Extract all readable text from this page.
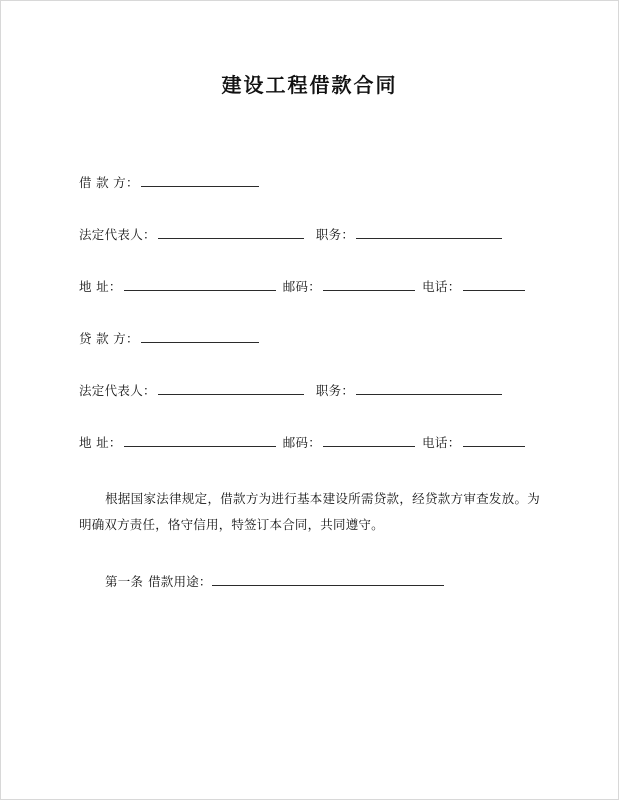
建设工程借款合同
借 款 方：
法定代表人：	职务：
地 址：	邮码：	电话：
贷 款 方：
法定代表人：	职务：
地 址：	邮码：	电话：
根据国家法律规定，借款方为进行基本建设所需贷款，经贷款方审查发放。为明确双方责任，恪守信用，特签订本合同，共同遵守。
第一条 借款用途：
